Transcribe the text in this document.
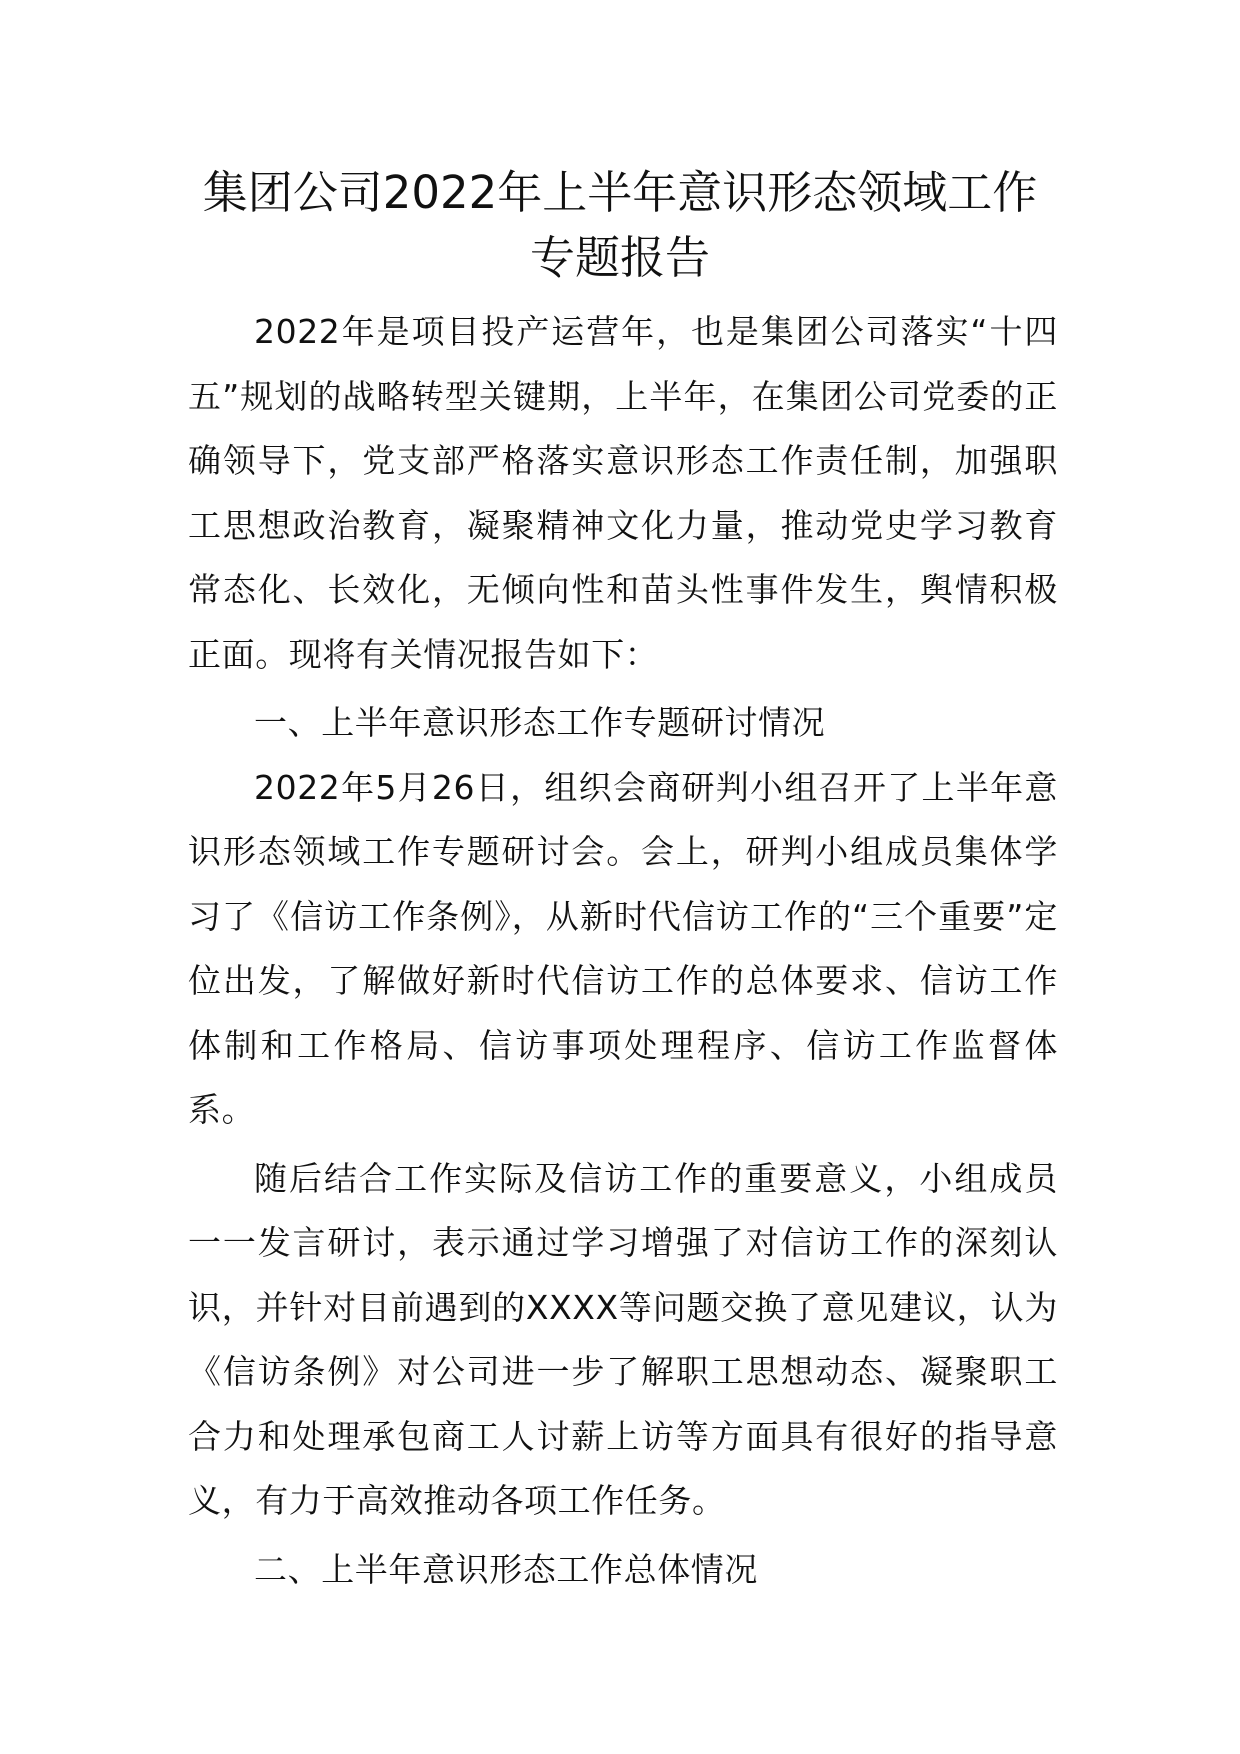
集团公司2022年上半年意识形态领域工作
专题报告

2022年是项目投产运营年，也是集团公司落实“十四五”规划的战略转型关键期，上半年，在集团公司党委的正确领导下，党支部严格落实意识形态工作责任制，加强职工思想政治教育，凝聚精神文化力量，推动党史学习教育常态化、长效化，无倾向性和苗头性事件发生，舆情积极正面。现将有关情况报告如下：

一、上半年意识形态工作专题研讨情况

2022年5月26日，组织会商研判小组召开了上半年意识形态领域工作专题研讨会。会上，研判小组成员集体学习了《信访工作条例》，从新时代信访工作的“三个重要”定位出发，了解做好新时代信访工作的总体要求、信访工作体制和工作格局、信访事项处理程序、信访工作监督体系。

随后结合工作实际及信访工作的重要意义，小组成员一一发言研讨，表示通过学习增强了对信访工作的深刻认识，并针对目前遇到的XXXX等问题交换了意见建议，认为《信访条例》对公司进一步了解职工思想动态、凝聚职工合力和处理承包商工人讨薪上访等方面具有很好的指导意义，有力于高效推动各项工作任务。

二、上半年意识形态工作总体情况
